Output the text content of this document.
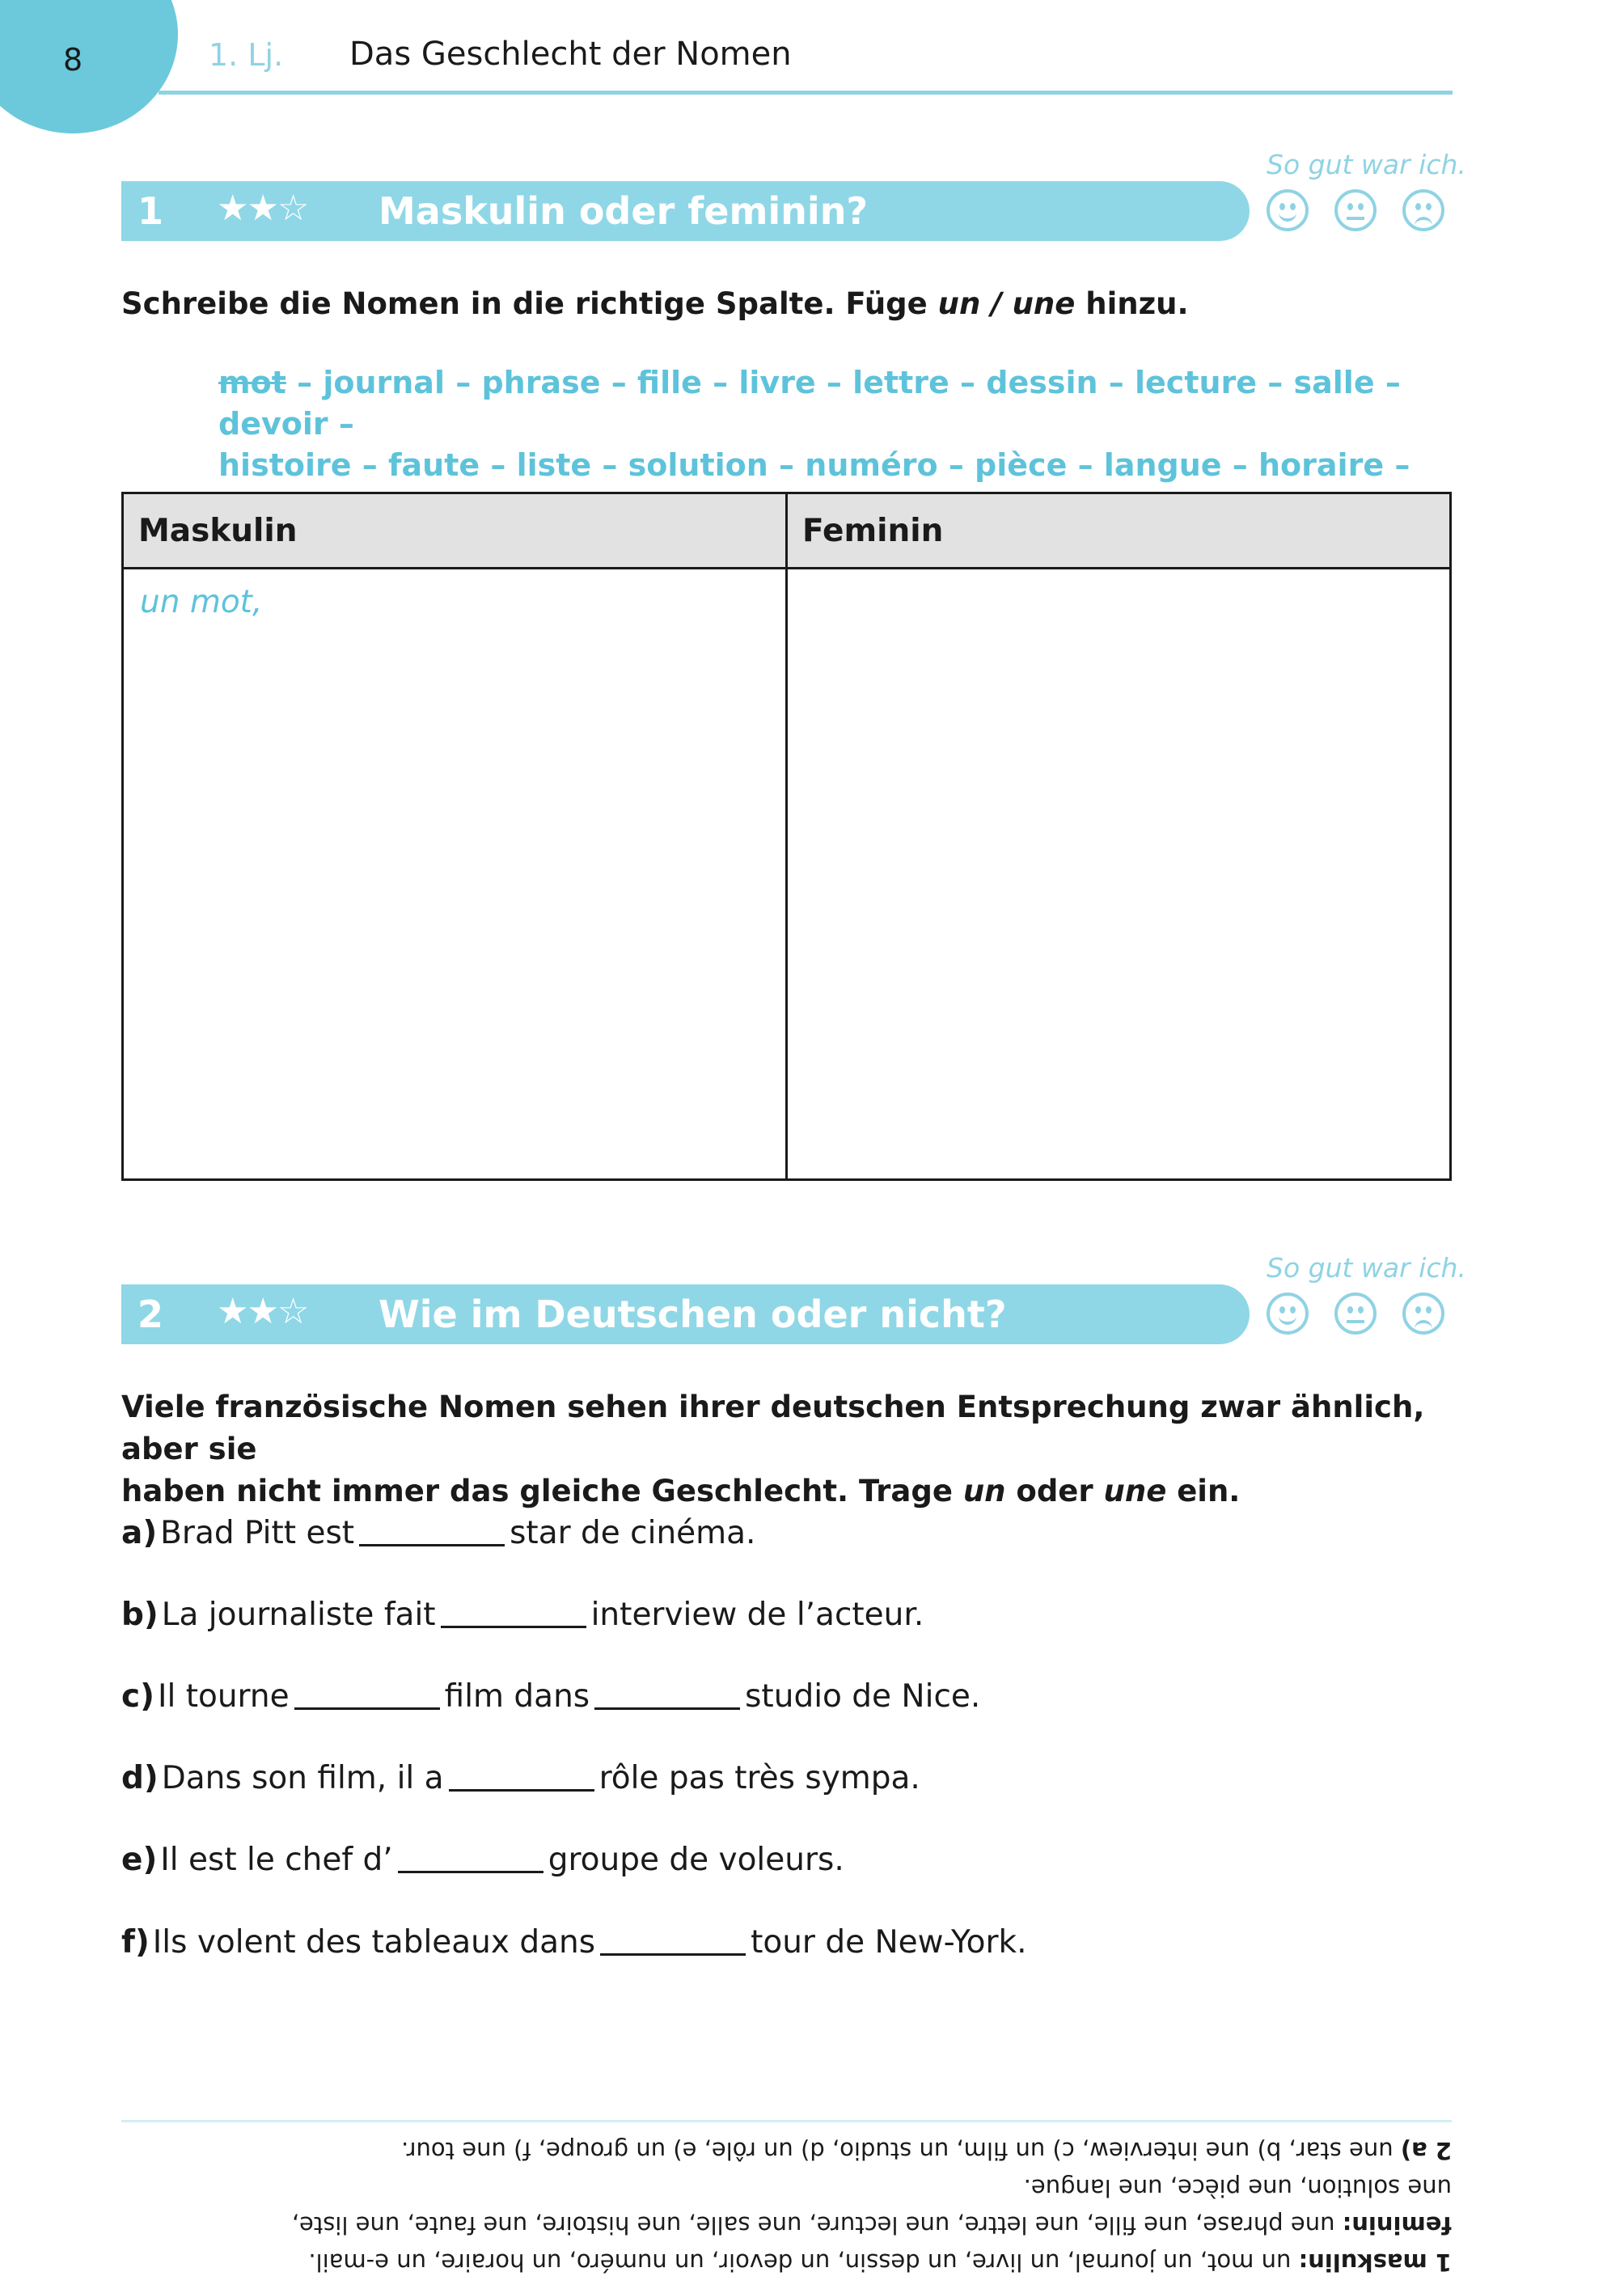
8	1. Lj. Das Geschlecht der Nomen
So gut war ich.
1 ★★☆ Maskulin oder feminin?
Schreibe die Nomen in die richtige Spalte. Füge un / une hinzu.
mot – journal – phrase – fille – livre – lettre – dessin – lecture – salle – devoir –
histoire – faute – liste – solution – numéro – pièce – langue – horaire –
Maskulin	Feminin
un mot,	
So gut war ich.
2 ★★☆ Wie im Deutschen oder nicht?
Viele französische Nomen sehen ihrer deutschen Entsprechung zwar ähnlich, aber sie
haben nicht immer das gleiche Geschlecht. Trage un oder une ein.
a) Brad Pitt est	star de cinéma.
b) La journaliste fait	interview de l’acteur.
c) Il tourne	film dans	studio de Nice.
d) Dans son film, il a	rôle pas très sympa.
e) Il est le chef d’	groupe de voleurs.
f) Ils volent des tableaux dans	tour de New-York.

1 maskulin: un mot, un journal, un livre, un dessin, un devoir, un numéro, un horaire, un e-mail.

feminin: une phrase, une fille, une lettre, une lecture, une salle, une histoire, une faute, une liste,

une solution, une pièce, une langue.

2 a) une star, b) une interview, c) un film, un studio, d) un rôle, e) un groupe, f) une tour.
